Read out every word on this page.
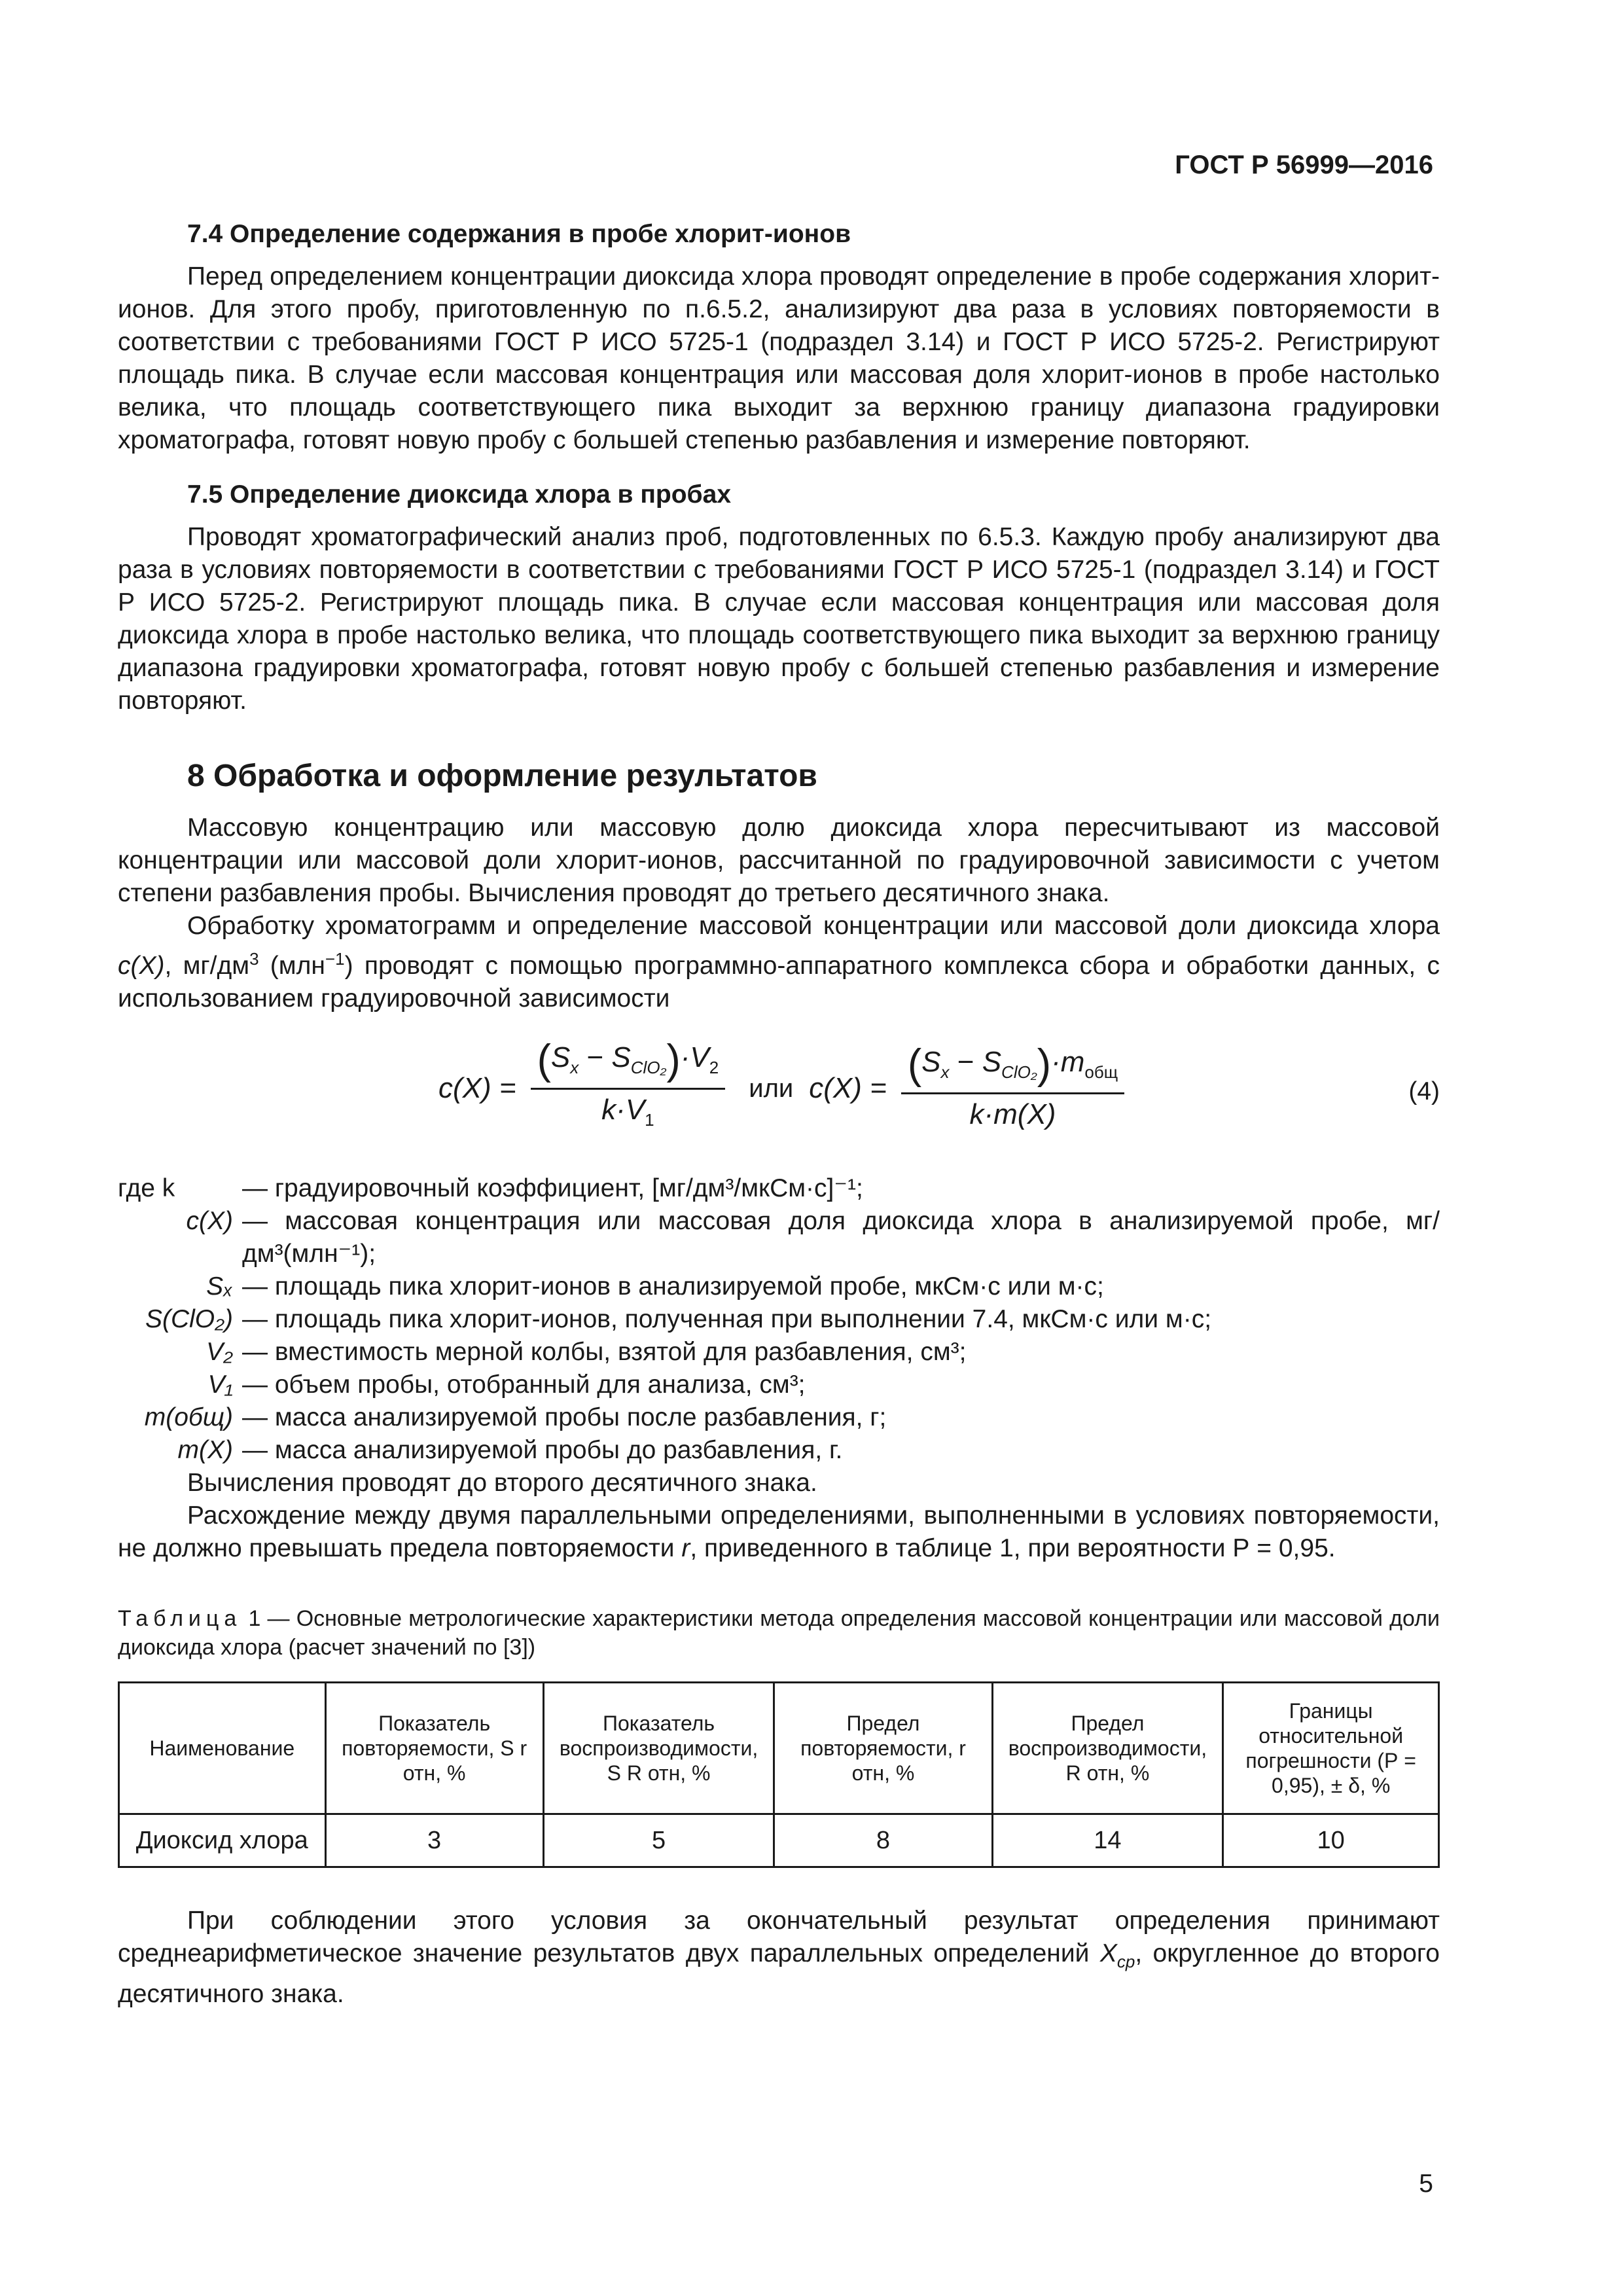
ГОСТ Р 56999—2016

7.4 Определение содержания в пробе хлорит-ионов

Перед определением концентрации диоксида хлора проводят определение в пробе содержания хлорит-ионов. Для этого пробу, приготовленную по п.6.5.2, анализируют два раза в условиях повторяемости в соответствии с требованиями ГОСТ Р ИСО 5725-1 (подраздел 3.14) и ГОСТ Р ИСО 5725-2. Регистрируют площадь пика. В случае если массовая концентрация или массовая доля хлорит-ионов в пробе настолько велика, что площадь соответствующего пика выходит за верхнюю границу диапазона градуировки хроматографа, готовят новую пробу с большей степенью разбавления и измерение повторяют.

7.5 Определение диоксида хлора в пробах

Проводят хроматографический анализ проб, подготовленных по 6.5.3. Каждую пробу анализируют два раза в условиях повторяемости в соответствии с требованиями ГОСТ Р ИСО 5725-1 (подраздел 3.14) и ГОСТ Р ИСО 5725-2. Регистрируют площадь пика. В случае если массовая концентрация или массовая доля диоксида хлора в пробе настолько велика, что площадь соответствующего пика выходит за верхнюю границу диапазона градуировки хроматографа, готовят новую пробу с большей степенью разбавления и измерение повторяют.

8 Обработка и оформление результатов

Массовую концентрацию или массовую долю диоксида хлора пересчитывают из массовой концентрации или массовой доли хлорит-ионов, рассчитанной по градуировочной зависимости с учетом степени разбавления пробы. Вычисления проводят до третьего десятичного знака.

Обработку хроматограмм и определение массовой концентрации или массовой доли диоксида хлора c(X), $мг/дм^3$ (млн$^{-1}$) проводят с помощью программно-аппаратного комплекса сбора и обработки данных, с использованием градуировочной зависимости

$c(X) = \frac{(S_x - S_{ClO_2})\cdot V_2}{k\cdot V_1}$ или $c(X) = \frac{(S_x - S_{ClO_2})\cdot m_{общ}}{k\cdot m(X)}$	(4)
где k	— градуировочный коэффициент, [мг/дм³/мкСм·с]⁻¹;
c(X) — массовая концентрация или массовая доля диоксида хлора в анализируемой пробе, мг/дм³(млн⁻¹);
Sₓ — площадь пика хлорит-ионов в анализируемой пробе, мкСм·с или м·с;
S(ClO₂) — площадь пика хлорит-ионов, полученная при выполнении 7.4, мкСм·с или м·с;
V₂ — вместимость мерной колбы, взятой для разбавления, см³;
V₁ — объем пробы, отобранный для анализа, см³;
m(общ) — масса анализируемой пробы после разбавления, г;
m(X) — масса анализируемой пробы до разбавления, г.

Вычисления проводят до второго десятичного знака.

Расхождение между двумя параллельными определениями, выполненными в условиях повторяемости, не должно превышать предела повторяемости r, приведенного в таблице 1, при вероятности Р = 0,95.

Таблица 1 — Основные метрологические характеристики метода определения массовой концентрации или массовой доли диоксида хлора (расчет значений по [3])
Наименование	Показатель повторяемости, S r отн, %	Показатель воспроизводимости, S R отн, %	Предел повторяемости, r отн, %	Предел воспроизводимости, R отн, %	Границы относительной погрешности (Р = 0,95), ± δ, %
Диоксид хлора	3	5	8	14	10

При соблюдении этого условия за окончательный результат определения принимают среднеарифметическое значение результатов двух параллельных определений $X_{ср}$, округленное до второго десятичного знака.

5
